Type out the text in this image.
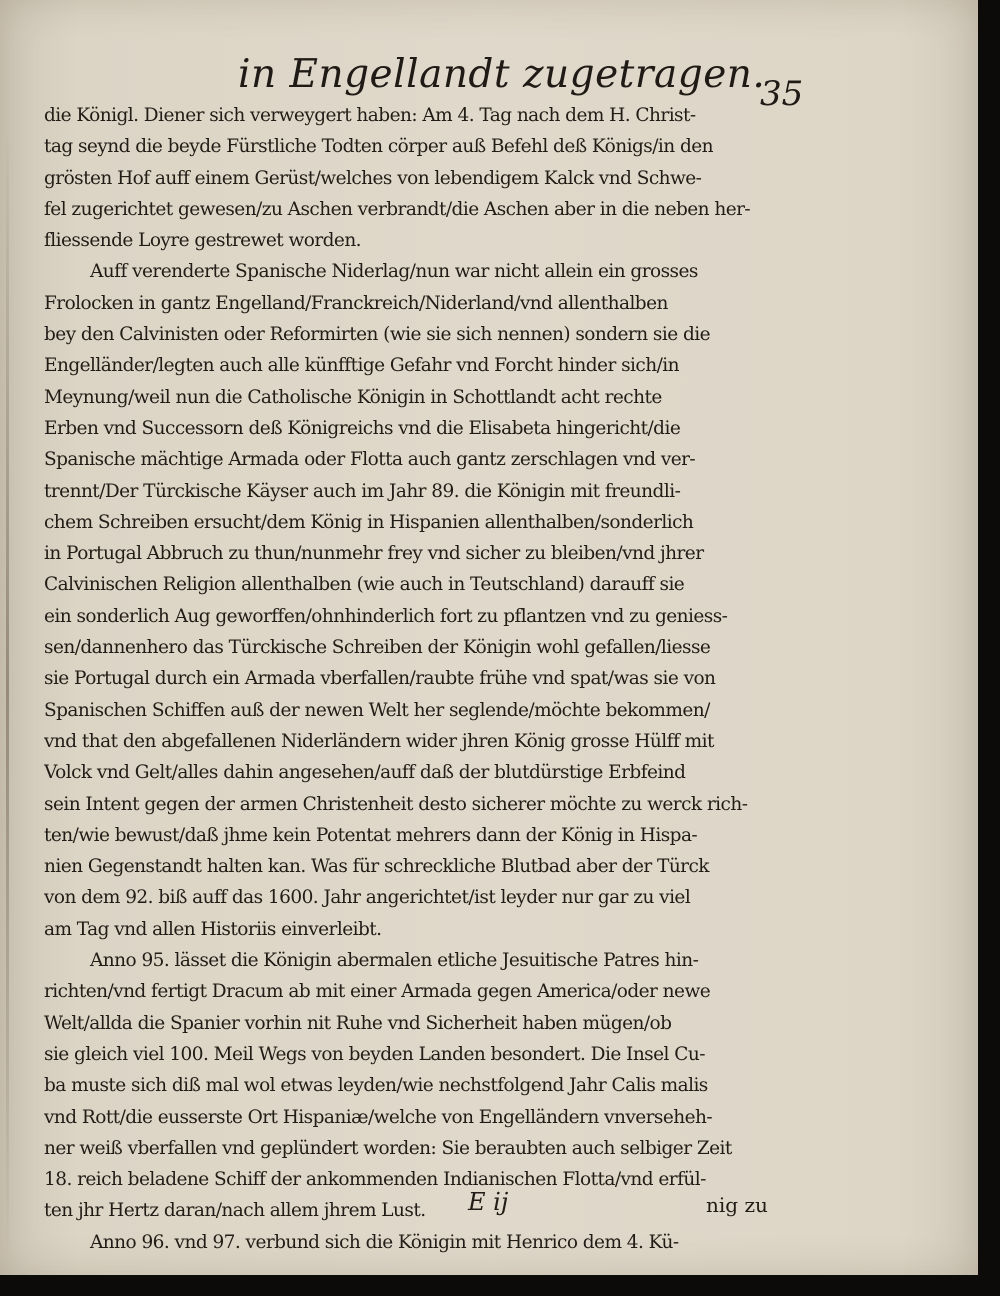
in Engellandt zugetragen.
35
die Königl. Diener sich verweygert haben: Am 4. Tag nach dem H. Christ-
tag seynd die beyde Fürstliche Todten cörper auß Befehl deß Königs/in den
grösten Hof auff einem Gerüst/welches von lebendigem Kalck vnd Schwe-
fel zugerichtet gewesen/zu Aschen verbrandt/die Aschen aber in die neben her-
fliessende Loyre gestrewet worden.
Auff verenderte Spanische Niderlag/nun war nicht allein ein grosses
Frolocken in gantz Engelland/Franckreich/Niderland/vnd allenthalben
bey den Calvinisten oder Reformirten (wie sie sich nennen) sondern sie die
Engelländer/legten auch alle künfftige Gefahr vnd Forcht hinder sich/in
Meynung/weil nun die Catholische Königin in Schottlandt acht rechte
Erben vnd Successorn deß Königreichs vnd die Elisabeta hingericht/die
Spanische mächtige Armada oder Flotta auch gantz zerschlagen vnd ver-
trennt/Der Türckische Käyser auch im Jahr 89. die Königin mit freundli-
chem Schreiben ersucht/dem König in Hispanien allenthalben/sonderlich
in Portugal Abbruch zu thun/nunmehr frey vnd sicher zu bleiben/vnd jhrer
Calvinischen Religion allenthalben (wie auch in Teutschland) darauff sie
ein sonderlich Aug geworffen/ohnhinderlich fort zu pflantzen vnd zu geniess-
sen/dannenhero das Türckische Schreiben der Königin wohl gefallen/liesse
sie Portugal durch ein Armada vberfallen/raubte frühe vnd spat/was sie von
Spanischen Schiffen auß der newen Welt her seglende/möchte bekommen/
vnd that den abgefallenen Niderländern wider jhren König grosse Hülff mit
Volck vnd Gelt/alles dahin angesehen/auff daß der blutdürstige Erbfeind
sein Intent gegen der armen Christenheit desto sicherer möchte zu werck rich-
ten/wie bewust/daß jhme kein Potentat mehrers dann der König in Hispa-
nien Gegenstandt halten kan. Was für schreckliche Blutbad aber der Türck
von dem 92. biß auff das 1600. Jahr angerichtet/ist leyder nur gar zu viel
am Tag vnd allen Historiis einverleibt.
Anno 95. lässet die Königin abermalen etliche Jesuitische Patres hin-
richten/vnd fertigt Dracum ab mit einer Armada gegen America/oder newe
Welt/allda die Spanier vorhin nit Ruhe vnd Sicherheit haben mügen/ob
sie gleich viel 100. Meil Wegs von beyden Landen besondert. Die Insel Cu-
ba muste sich diß mal wol etwas leyden/wie nechstfolgend Jahr Calis malis
vnd Rott/die eusserste Ort Hispaniæ/welche von Engelländern vnverseheh-
ner weiß vberfallen vnd geplündert worden: Sie beraubten auch selbiger Zeit
18. reich beladene Schiff der ankommenden Indianischen Flotta/vnd erfül-
ten jhr Hertz daran/nach allem jhrem Lust.
Anno 96. vnd 97. verbund sich die Königin mit Henrico dem 4. Kü-
E ij	nig zu
